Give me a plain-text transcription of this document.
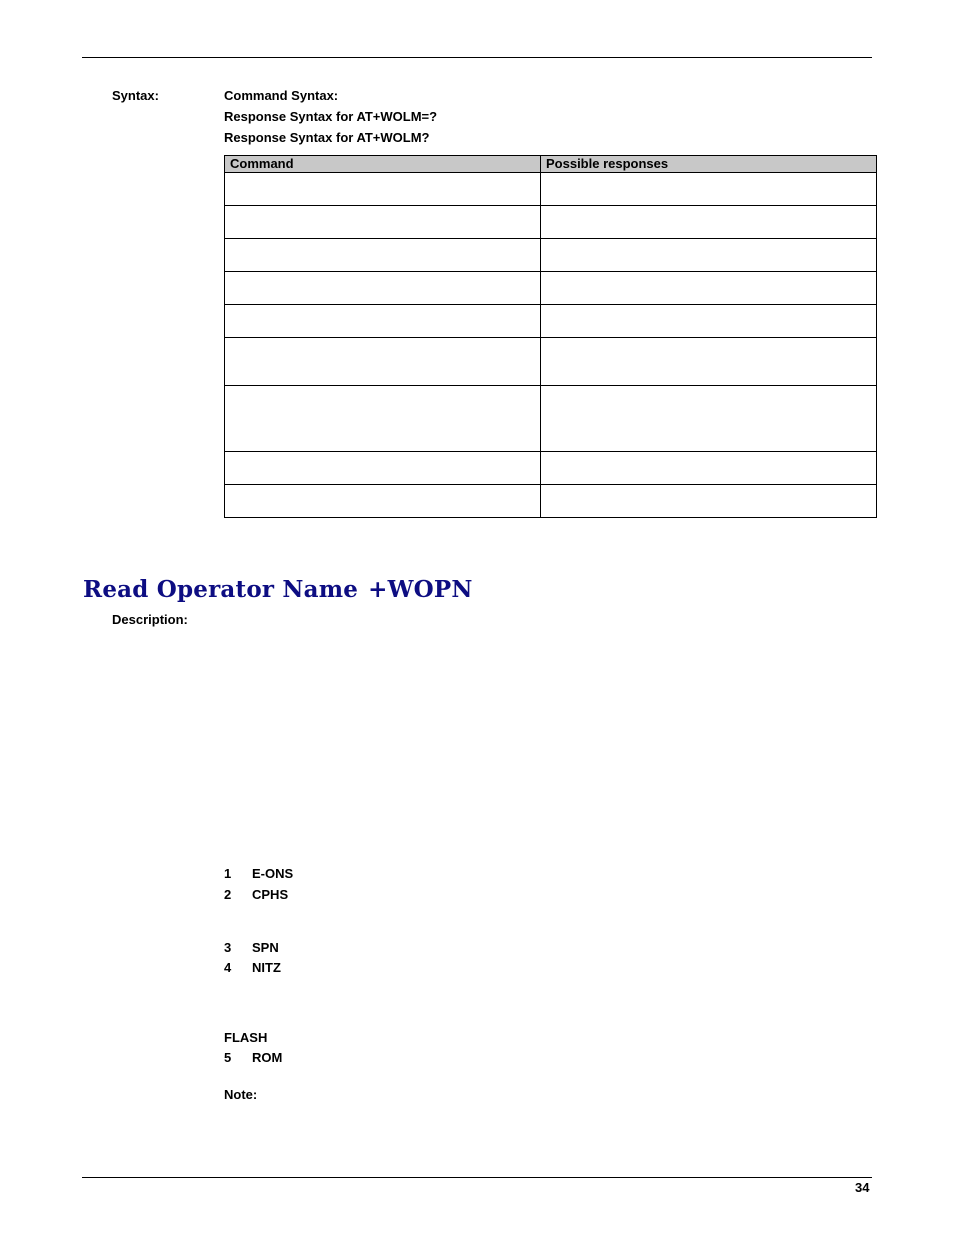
Syntax:	Command Syntax:
Response Syntax for AT+WOLM=?
Response Syntax for AT+WOLM?
Command	Possible responses

Read Operator Name +WOPN
Description:
1 E-ONS
2 CPHS
3 SPN
4 NITZ
FLASH
5 ROM
Note:
34
